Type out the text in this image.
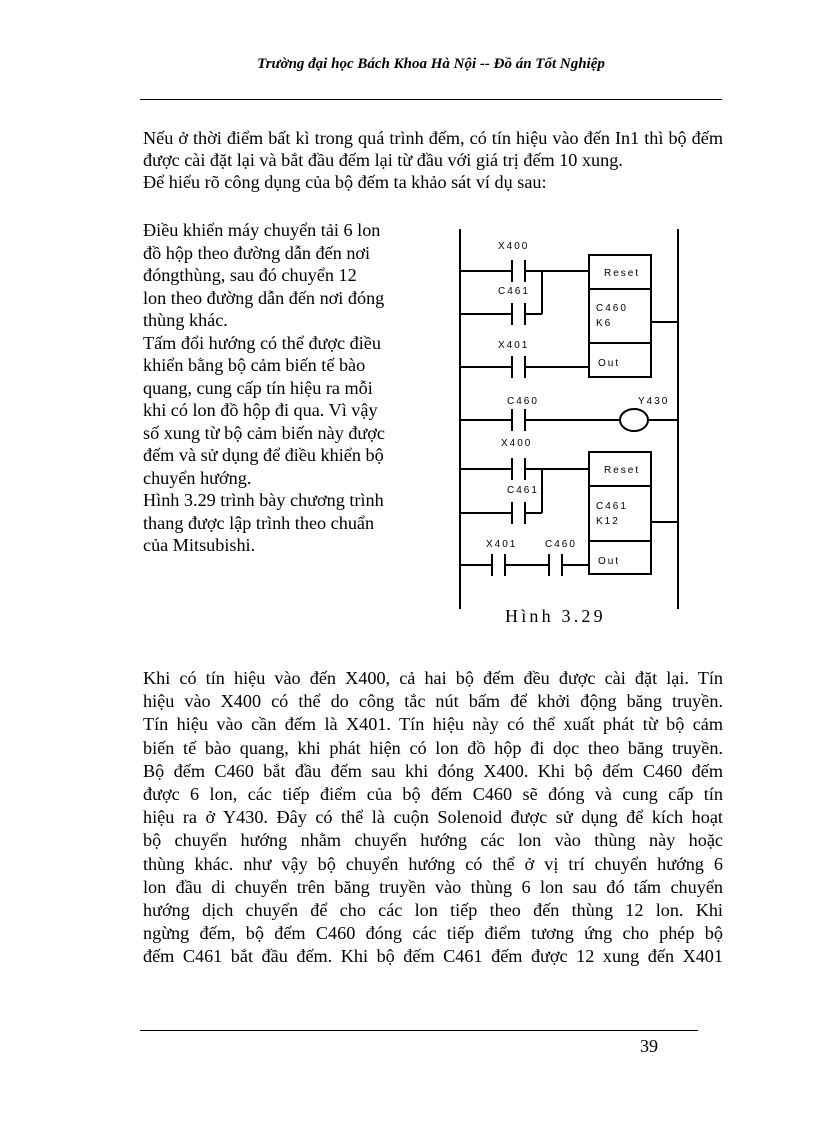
Trường đại học Bách Khoa Hà Nội -- Đồ án Tốt Nghiệp

Nếu ở thời điểm bất kì trong quá trình đếm, có tín hiệu vào đến In1 thì bộ đếm được cài đặt lại và bắt đầu đếm lại từ đầu với giá trị đếm 10 xung.

Để hiểu rõ công dụng của bộ đếm ta khảo sát ví dụ sau:

Điều khiển máy chuyển tải 6 lon
đồ hộp theo đường dẫn đến nơi
đóngthùng, sau đó chuyển 12
lon theo đường dẫn đến nơi đóng
thùng khác.
Tấm đổi hướng có thể được điều
khiển bằng bộ cảm biến tế bào
quang, cung cấp tín hiệu ra mỗi
khi có lon đồ hộp đi qua. Vì vậy
số xung từ bộ cảm biến này được
đếm và sử dụng để điều khiển bộ
chuyển hướng.
Hình 3.29 trình bày chương trình
thang được lập trình theo chuẩn
của Mitsubishi.
X400
C461
X401
C460	Y430
X400
C461
X401	C460
Reset
C460
K6
Out
Reset
C461
K12
Out
Hình 3.29
Khi có tín hiệu vào đến X400, cả hai bộ đếm đều được cài đặt lại. Tín
hiệu vào X400 có thể do công tắc nút bấm để khởi động băng truyền.
Tín hiệu vào cần đếm là X401. Tín hiệu này có thể xuất phát từ bộ cảm
biến tế bào quang, khi phát hiện có lon đồ hộp đi dọc theo băng truyền.
Bộ đếm C460 bắt đầu đếm sau khi đóng X400. Khi bộ đếm C460 đếm
được 6 lon, các tiếp điểm của bộ đếm C460 sẽ đóng và cung cấp tín
hiệu ra ở Y430. Đây có thể là cuộn Solenoid được sử dụng để kích hoạt
bộ chuyển hướng nhằm chuyển hướng các lon vào thùng này hoặc
thùng khác. như vậy bộ chuyển hướng có thể ở vị trí chuyển hướng 6
lon đầu di chuyển trên băng truyền vào thùng 6 lon sau đó tấm chuyển
hướng dịch chuyển để cho các lon tiếp theo đến thùng 12 lon. Khi
ngừng đếm, bộ đếm C460 đóng các tiếp điểm tương ứng cho phép bộ
đếm C461 bắt đầu đếm. Khi bộ đếm C461 đếm được 12 xung đến X401
39
